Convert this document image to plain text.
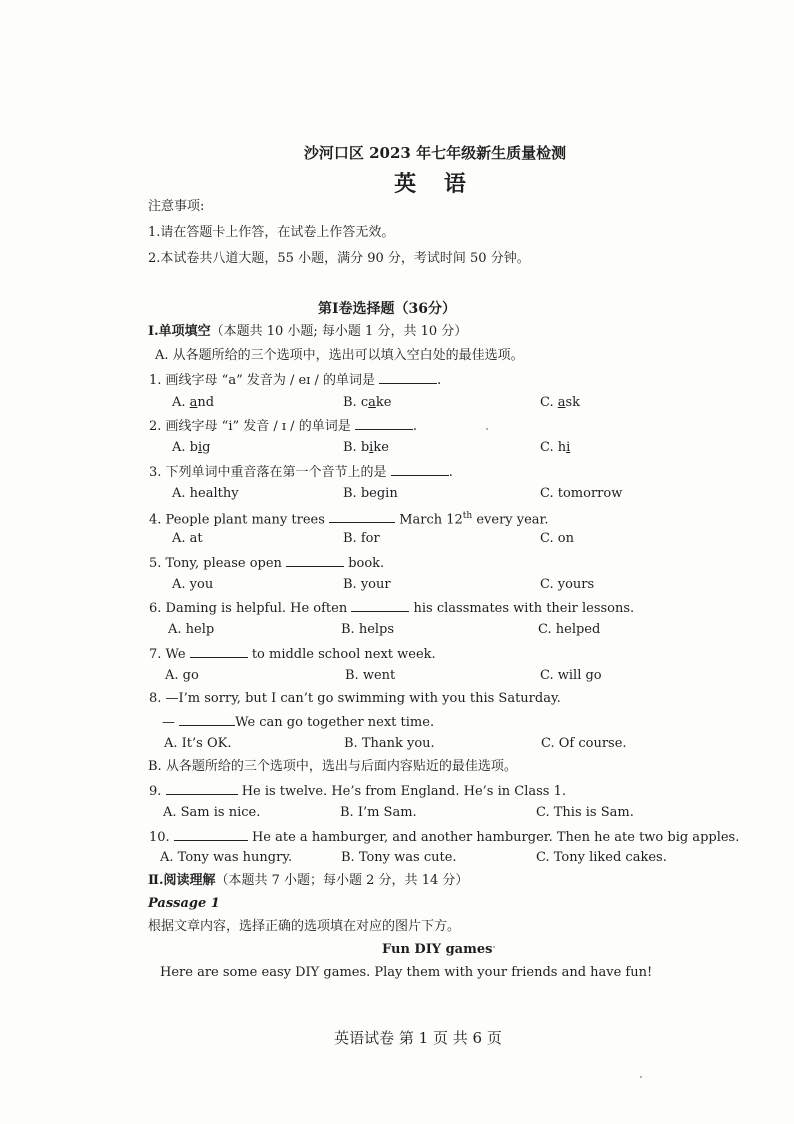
沙河口区 2023 年七年级新生质量检测
英 语
注意事项:
1.请在答题卡上作答，在试卷上作答无效。
2.本试卷共八道大题，55 小题，满分 90 分，考试时间 50 分钟。
第Ⅰ卷选择题（36分）
Ⅰ.单项填空（本题共 10 小题; 每小题 1 分，共 10 分）
A. 从各题所给的三个选项中，选出可以填入空白处的最佳选项。
1. 画线字母 “a” 发音为 / eɪ / 的单词是	.
A. and	B. cake	C. ask
2. 画线字母 “i” 发音 / ɪ / 的单词是	.
A. big	B. bike	C. hi
3. 下列单词中重音落在第一个音节上的是	.
A. healthy	B. begin	C. tomorrow
4. People plant many trees	March 12th every year.
A. at	B. for	C. on
5. Tony, please open	book.
A. you	B. your	C. yours
6. Daming is helpful. He often	his classmates with their lessons.
A. help	B. helps	C. helped
7. We	to middle school next week.
A. go	B. went	C. will go
8. —I’m sorry, but I can’t go swimming with you this Saturday.
—	We can go together next time.
A. It’s OK.	B. Thank you.	C. Of course.
B. 从各题所给的三个选项中，选出与后面内容贴近的最佳选项。
9.	He is twelve. He’s from England. He’s in Class 1.
A. Sam is nice.	B. I’m Sam.	C. This is Sam.
10.	He ate a hamburger, and another hamburger. Then he ate two big apples.
A. Tony was hungry.	B. Tony was cute.	C. Tony liked cakes.
Ⅱ.阅读理解（本题共 7 小题；每小题 2 分，共 14 分）
Passage 1
根据文章内容，选择正确的选项填在对应的图片下方。
Fun DIY games
Here are some easy DIY games. Play them with your friends and have fun!
英语试卷 第 1 页 共 6 页
